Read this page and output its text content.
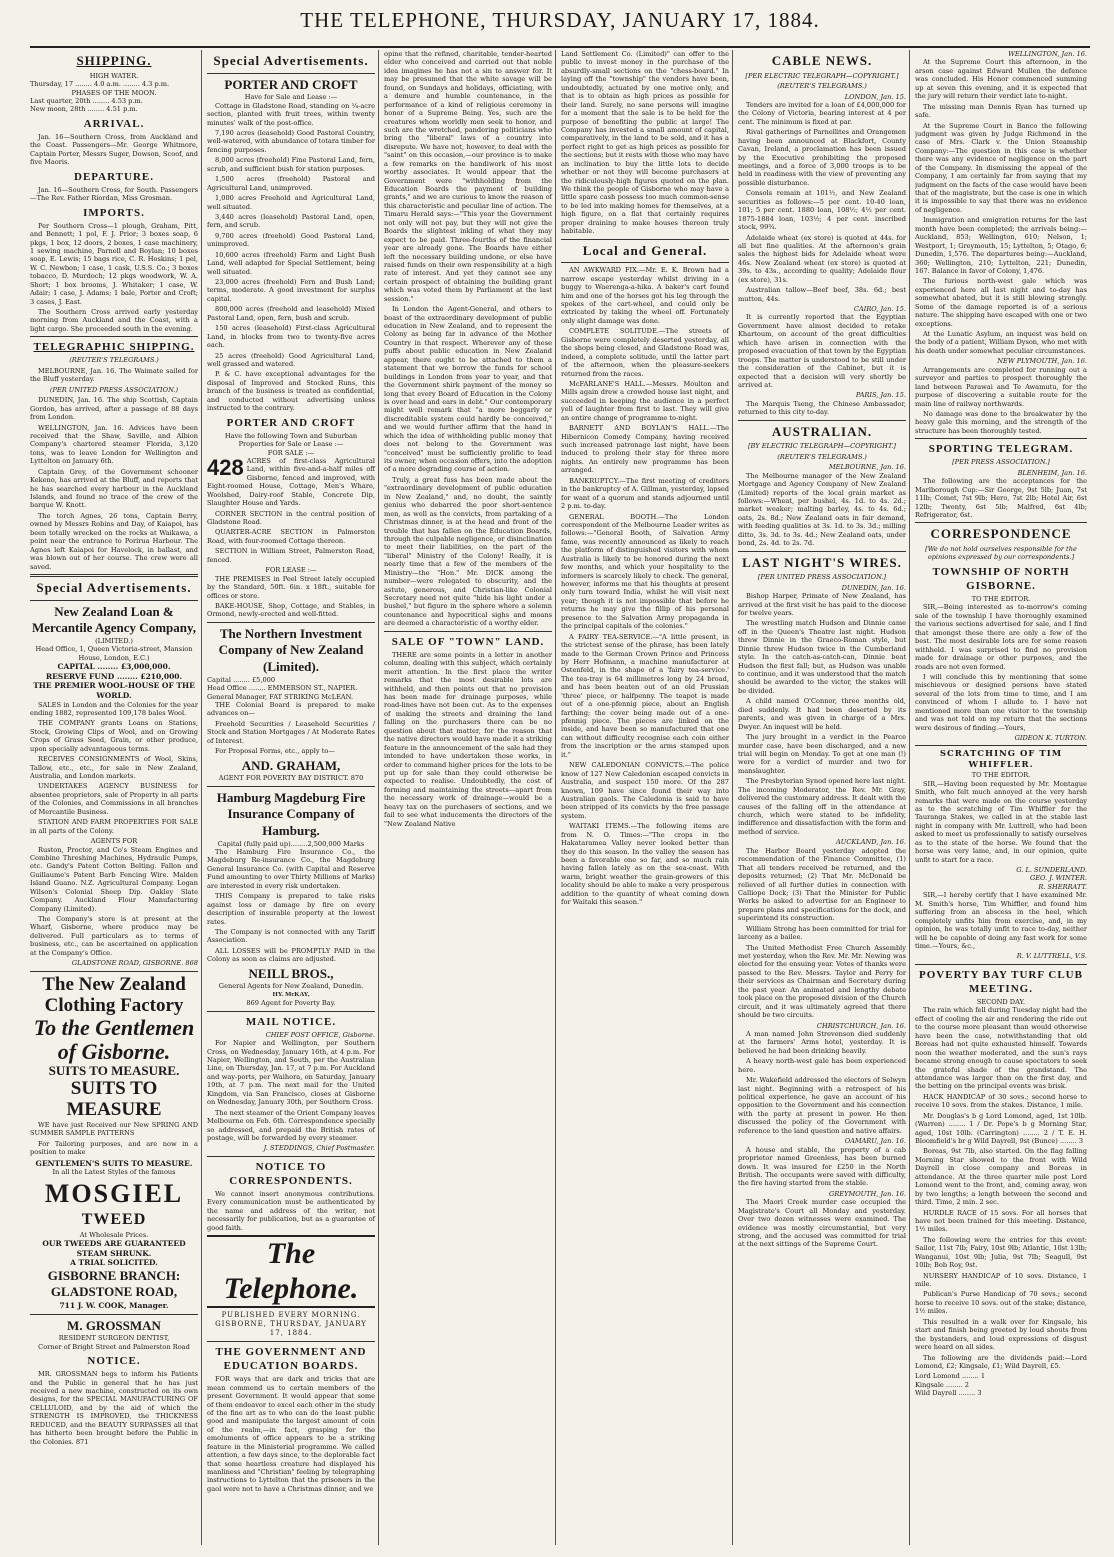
THE TELEPHONE, THURSDAY, JANUARY 17, 1884.
SHIPPING.
HIGH WATER.
Thursday, 17 ........ 4.0 a.m. ........ 4.3 p.m.
PHASES OF THE MOON.
Last quarter, 20th ........ 4.53 p.m.
New moon, 28th ........ 4.51 p.m.
ARRIVAL.

Jan. 16—Southern Cross, from Auckland and the Coast. Passengers—Mr. George Whitmore, Captain Porter, Messrs Suger, Dowson, Scoof, and five Maoris.

DEPARTURE.

Jan. 16—Southern Cross, for South. Passengers—The Rev. Father Riordan, Miss Grosman.

IMPORTS.

Per Southern Cross—1 plough, Graham, Pitt, and Bennett; 1 pol, F. J. Prior; 3 boxes soap, 6 pkgs, 1 box, 12 doors, 2 boxes, 1 case machinery, 1 sewing machine, Parnell and Boylan; 10 boxes soap, E. Lewis; 15 bags rice, C. R. Hoskins; 1 pel, W. C. Newbon; 1 case, 1 cask, U.S.S. Co.; 3 boxes tobacco, D. Murdoch; 12 pkgs woodwork, W. A. Short; 1 box brooms, J. Whitaker; 1 case, W. Adair; 1 case, J. Adams; 1 bale, Porter and Croft; 3 cases, J. East.

The Southern Cross arrived early yesterday morning from Auckland and the Coast, with a light cargo. She proceeded south in the evening.

TELEGRAPHIC SHIPPING.
(REUTER'S TELEGRAMS.)

MELBOURNE, Jan. 16. The Waimate sailed for the Bluff yesterday.

(PER UNITED PRESS ASSOCIATION.)

DUNEDIN, Jan. 16. The ship Scottish, Captain Gordon, has arrived, after a passage of 88 days from London.

WELLINGTON, Jan. 16. Advices have been received that the Shaw, Saville, and Albion Company's chartered steamer Florida, 3,120 tons, was to leave London for Wellington and Lyttelton on January 6th.

Captain Grey, of the Government schooner Kekeno, has arrived at the Bluff, and reports that he has searched every harbour in the Auckland Islands, and found no trace of the crew of the barque W. Knott.

The torch Agnes, 26 tons, Captain Berry, owned by Messrs Robins and Day, of Kaiapoi, has been totally wrecked on the rocks at Waikawa, a point near the entrance to Porirua Harbour. The Agnes left Kaiapoi for Havelock, in ballast, and was blown out of her course. The crew were all saved.

Special Advertisements.
New Zealand Loan & Mercantile Agency Company,
(LIMITED.)
Head Office, 1, Queen Victoria-street, Mansion House, London, E.C.)
CAPITAL ........ £3,000,000.
RESERVE FUND ........ £210,000.
THE PREMIER WOOL-HOUSE OF THE WORLD.

SALES in London and the Colonies for the year ending 1882, represented 109,178 bales Wool.

THE COMPANY grants Loans on Stations, Stock, Growing Clips of Wool, and on Growing Crops of Grass Seed, Grain, or other produce, upon specially advantageous terms.

RECEIVES CONSIGNMENTS of Wool, Skins, Tallow, etc., etc., for sale in New Zealand, Australia, and London markets.

UNDERTAKES AGENCY BUSINESS for absentee proprietors, sale of Property in all parts of the Colonies, and Commissions in all branches of Mercantile Business.

STATION AND FARM PROPERTIES FOR SALE in all parts of the Colony.

AGENTS FOR

Ruston, Proctor, and Co's Steam Engines and Combine Threshing Machines, Hydraulic Pumps, etc. Gandy's Patent Cotton Belting. Fallon and Guillaume's Patent Barb Fencing Wire. Malden Island Guano. N.Z. Agricultural Company. Logan Wilson's Colonial Sheep Dip. Oakley Slate Company. Auckland Flour Manufacturing Company (Limited).

The Company's store is at present at the Wharf, Gisborne, where produce may be delivered. Full particulars as to terms of business, etc., can be ascertained on application at the Company's Office.

GLADSTONE ROAD, GISBORNE. 868
The New Zealand
Clothing Factory
To the Gentlemen of Gisborne.
SUITS TO MEASURE.
SUITS TO MEASURE

WE have just Received our New SPRING AND SUMMER SAMPLE PATTERNS

For Tailoring purposes, and are now in a position to make

GENTLEMEN'S SUITS TO MEASURE.
In all the Latest Styles of the famous
MOSGIEL
TWEED
At Wholesale Prices.
OUR TWEEDS ARE GUARANTEED
STEAM SHRUNK.
A TRIAL SOLICITED.
GISBORNE BRANCH:
GLADSTONE ROAD,
711 J. W. COOK, Manager.
M. GROSSMAN
RESIDENT SURGEON DENTIST,
Corner of Bright Street and Palmerston Road
NOTICE.

MR. GROSSMAN begs to inform his Patients and the Public in general that he has just received a new machine, constructed on its own designs, for the SPECIAL MANUFACTURING OF CELLULOID, and by the aid of which the STRENGTH IS IMPROVED, the THICKNESS REDUCED, and the BEAUTY SURPASSES all that has hitherto been brought before the Public in the Colonies. 871

Special Advertisements.
PORTER AND CROFT
Have for Sale and Lease :—

Cottage in Gladstone Road, standing on ¼-acre section, planted with fruit trees, within twenty minutes' walk of the post-office.

7,190 acres (leasehold) Good Pastoral Country, well-watered, with abundance of totara timber for fencing purposes.

8,000 acres (freehold) Fine Pastoral Land, fern, scrub, and sufficient bush for station purposes.

1,500 acres (freehold) Pastoral and Agricultural Land, unimproved.

1,000 acres Freehold and Agricultural Land, well situated.

3,440 acres (leasehold) Pastoral Land, open, fern, and scrub.

9,700 acres (freehold) Good Pastoral Land, unimproved.

10,600 acres (freehold) Farm and Light Bush Land, well adapted for Special Settlement, being well situated.

23,000 acres (freehold) Fern and Bush Land; terms, moderate. A good investment for surplus capital.

800,000 acres (freehold and leasehold) Mixed Pastoral Land, open, fern, bush and scrub.

150 acres (leasehold) First-class Agricultural Land, in blocks from two to twenty-five acres each.

25 acres (freehold) Good Agricultural Land, well grassed and watered.

P. & C. have exceptional advantages for the disposal of Improved and Stocked Runs, this branch of the business is treated as confidential, and conducted without advertising unless instructed to the contrary.

PORTER AND CROFT
Have the following Town and Suburban Properties for Sale or Lease :—
FOR SALE :—

428 ACRES of first-class Agricultural Land, within five-and-a-half miles off Gisborne, fenced and improved, with Eight-roomed House, Cottage, Men's Whare, Woolshed, Dairy-roof Stable, Concrete Dip, Slaughter House and Yards.

CORNER SECTION in the central position of Gladstone Road.

QUARTER-ACRE SECTION in Palmerston Road, with four-roomed Cottage thereon.

SECTION in William Street, Palmerston Road, fenced.

FOR LEASE :—

THE PREMISES in Peel Street lately occupied by the Standard, 50ft. 6in. x 18ft., suitable for offices or store.

BAKE-HOUSE, Shop, Cottage, and Stables, in Ormond, newly-erected and well-fitted.

The Northern Investment Company of New Zealand (Limited).
Capital ........ £5,000
Head Office ........ EMMERSON ST., NAPIER.
General Manager, FAT STRIKING McLEAN.

THE Colonial Board is prepared to make advances on—

Freehold Securities / Leasehold Securities / Stock and Station Mortgages / At Moderate Rates of Interest.

For Proposal Forms, etc., apply to—

AND. GRAHAM,
AGENT FOR POVERTY BAY DISTRICT. 870
Hamburg Magdeburg Fire Insurance Company of Hamburg.
Capital (fully paid up)........2,500,000 Marks

The Hamburg Fire Insurance Co., the Magdeburg Re-insurance Co., the Magdeburg General Insurance Co. (with Capital and Reserve Fund amounting to over Thirty Millions of Marks) are interested in every risk undertaken.

THIS Company is prepared to take risks against loss or damage by fire on every description of insurable property at the lowest rates.

The Company is not connected with any Tariff Association.

ALL LOSSES will be PROMPTLY PAID in the Colony as soon as claims are adjusted.

NEILL BROS.,
General Agents for New Zealand, Dunedin.
HY. McKAY,
869 Agent for Poverty Bay.
MAIL NOTICE.
CHIEF POST OFFICE, Gisborne.

For Napier and Wellington, per Southern Cross, on Wednesday, January 16th, at 4 p.m. For Napier, Wellington, and South, per the Australian Line, on Thursday, Jan. 17, at 7 p.m. For Auckland and way-ports, per Waihora, on Saturday, January 19th, at 7 p.m. The next mail for the United Kingdom, via San Francisco, closes at Gisborne on Wednesday, January 30th, per Southern Cross.

The next steamer of the Orient Company leaves Melbourne on Feb. 6th. Correspondence specially so addressed, and prepaid the British rates of postage, will be forwarded by every steamer.

J. STEDDINGS, Chief Postmaster.
NOTICE TO CORRESPONDENTS.

We cannot insert anonymous contributions. Every communication must be authenticated by the name and address of the writer, not necessarily for publication, but as a guarantee of good faith.

The Telephone.
PUBLISHED EVERY MORNING.
GISBORNE, THURSDAY, JANUARY 17, 1884.
THE GOVERNMENT AND EDUCATION BOARDS.

FOR ways that are dark and tricks that are mean commend us to certain members of the present Government. It would appear that some of them endeavor to excel each other in the study of the fine art as to who can do the least public good and manipulate the largest amount of coin of the realm,—in fact, grasping for the emoluments of office appears to be a striking feature in the Ministerial programme. We called attention, a few days since, to the deplorable fact that some heartless creature had displayed his manliness and "Christian" feeling by telegraphing instructions to Lyttelton that the prisoners in the gaol were not to have a Christmas dinner, and we

opine that the refined, charitable, tender-hearted elder who conceived and carried out that noble idea imagines he has not a sin to answer for. It may be presumed that the white savage will be found, on Sundays and holidays, officiating, with a demure and humble countenance, in the performance of a kind of religious ceremony in honor of a Supreme Being. Yes, such are the creatures whom worldly men seek to honor, and such are the wretched, pandering politicians who bring the "liberal" laws of a country into disrepute. We have not, however, to deal with the "saint" on this occasion,—our province is to make a few remarks on the handiwork of his most worthy associates. It would appear that the Government were "withholding from the Education Boards the payment of building grants," and we are curious to know the reason of this characteristic and peculiar line of action. The Timaru Herald says:—"This year the Government not only will not pay, but they will not give the Boards the slightest inkling of what they may expect to be paid. Three-fourths of the financial year are already gone. The Boards have either left the necessary building undone, or else have raised funds on their own responsibility at a high rate of interest. And yet they cannot see any certain prospect of obtaining the building grant which was voted them by Parliament at the last session."

In London the Agent-General, and others to boast of the extraordinary development of public education in New Zealand, and to represent the Colony as being far in advance of the Mother Country in that respect. Wherever any of these puffs about public education in New Zealand appear, there ought to be attached to them a statement that we borrow the funds for school buildings in London from year to year, and that the Government shirk payment of the money so long that every Board of Education in the Colony is over head and ears in debt." Our contemporary might well remark that "a more beggarly or discreditable system could hardly be conceived," and we would further affirm that the hand in which the idea of withholding public money that does not belong to the Government was "conceived" must be sufficiently prolific to lead its owner, when occasion offers, into the adoption of a more degrading course of action.

Truly, a great fuss has been made about the "extraordinary development of public education in New Zealand," and, no doubt, the saintly genius who debarred the poor short-sentence men, as well as the convicts, from partaking of a Christmas dinner, is at the head and front of the trouble that has fallen on the Education Boards, through the culpable negligence, or disinclination to meet their liabilities, on the part of the "liberal" Ministry of the Colony! Really, it is nearly time that a few of the members of the Ministry—the "Hon." Mr. DICK among the number—were relegated to obscurity, and the astute, generous, and Christian-like Colonial Secretary need not quite "hide his light under a bushel," but figure in the sphere where a solemn countenance and hypocritical sighs and moans are deemed a characteristic of a worthy elder.

SALE OF "TOWN" LAND.

THERE are some points in a letter in another column, dealing with this subject, which certainly merit attention. In the first place the writer remarks that the most desirable lots are withheld, and then points out that no provision has been made for drainage purposes, while road-lines have not been cut. As to the expenses of making the streets and draining the land falling on the purchasers there can be no question about that matter, for the reason that the native directors would have made it a striking feature in the announcement of the sale had they intended to have undertaken those works, in order to command higher prices for the lots to be put up for sale than they could otherwise be expected to realise. Undoubtedly, the cost of forming and maintaining the streets—apart from the necessary work of drainage—would be a heavy tax on the purchasers of sections, and we fail to see what inducements the directors of the "New Zealand Native

Land Settlement Co. (Limited)" can offer to the public to invest money in the purchase of the absurdly-small sections on the "chess-board." In laying off the "township" the vendors have been, undoubtedly, actuated by one motive only, and that is to obtain as high prices as possible for their land. Surely, no sane persons will imagine for a moment that the sale is to be held for the purpose of benefiting the public at large! The Company has invested a small amount of capital, comparatively, in the land to be sold, and it has a perfect right to get as high prices as possible for the sections; but it rests with those who may have an inclination to buy the little lots to decide whether or not they will become purchasers at the ridiculously-high figures quoted on the plan. We think the people of Gisborne who may have a little spare cash possess too much common-sense to be led into making homes for themselves, at a high figure, on a flat that certainly requires proper draining to make houses thereon truly habitable.

Local and General.

AN AWKWARD FIX.—Mr. E. K. Brown had a narrow escape yesterday whilst driving in a buggy to Waerenga-a-hika. A baker's cart found him and one of the horses got his leg through the spokes of the cart-wheel, and could only be extricated by taking the wheel off. Fortunately only slight damage was done.

COMPLETE SOLITUDE.—The streets of Gisborne were completely deserted yesterday, all the shops being closed, and Gladstone Road was, indeed, a complete solitude, until the latter part of the afternoon, when the pleasure-seekers returned from the races.

McFARLANE'S HALL.—Messrs. Moulton and Mills again drew a crowded house last night, and succeeded in keeping the audience in a perfect yell of laughter from first to last. They will give an entire change of programme to-night.

BARNETT AND BOYLAN'S HALL.—The Hibernicon Comedy Company, having received such increased patronage last night, have been induced to prolong their stay for three more nights. An entirely new programme has been arranged.

BANKRUPTCY.—The first meeting of creditors in the bankruptcy of A. Gillman, yesterday, lapsed for want of a quorum and stands adjourned until 2 p.m. to-day.

GENERAL BOOTH.—The London correspondent of the Melbourne Leader writes as follows:—"General Booth, of Salvation Army fame, was recently announced as likely to reach the platform of distinguished visitors with whom Australia is likely to be honored during the next few months, and which your hospitality to the informers is scarcely likely to check. The general, however, informs me that his thoughts at present only turn toward India, whilst he will visit next year; though it is not impossible that before he returns he may give the fillip of his personal presence to the Salvation Army propaganda in the principal capitals of the colonies."

A FAIRY TEA-SERVICE.—"A little present, in the strictest sense of the phrase, has been lately made to the German Crown Prince and Princess by Herr Hofmann, a machine manufacturer at Ostenfeld, in the shape of a 'fairy tea-service.' The tea-tray is 64 millimetres long by 24 broad, and has been beaten out of an old Prussian 'three' piece, or halfpenny. The teapot is made out of a one-pfennig piece, about an English farthing; the cover being made out of a one-pfennig piece. The pieces are linked on the inside, and have been so manufactured that one can without difficulty recognise each coin either from the inscription or the arms stamped upon it."

NEW CALEDONIAN CONVICTS.—The police know of 127 New Caledonian escaped convicts in Australia, and suspect 150 more. Of the 287 known, 109 have since found their way into Australian gaols. The Caledonia is said to have been stripped of its convicts by the free passage system.

WAITAKI ITEMS.—The following items are from N. O. Times:—"The crops in the Hakataramea Valley never looked better than they do this season. In the valley the season has been a favorable one so far, and so much rain having fallen lately as on the sea-coast. With warm, bright weather the grain-growers of this locality should be able to make a very prosperous addition to the quantity of wheat coming down for Waitaki this season."

CABLE NEWS.
[PER ELECTRIC TELEGRAPH—COPYRIGHT.]
(REUTER'S TELEGRAMS.)
LONDON, Jan. 15.

Tenders are invited for a loan of £4,000,000 for the Colony of Victoria, bearing interest at 4 per cent. The minimum is fixed at par.

Rival gatherings of Parnellites and Orangemen having been announced at Blackfort, County Cavan, Ireland, a proclamation has been issued by the Executive prohibiting the proposed meetings, and a force of 3,000 troops is to be held in readiness with the view of preventing any possible disturbance.

Consols remain at 101½, and New Zealand securities as follows:—5 per cent. 10-40 loan, 101; 5 per cent. 1880 loan, 108½; 4½ per cent. 1875-1884 loan, 103½; 4 per cent. inscribed stock, 99¾.

Adelaide wheat (ex store) is quoted at 44s. for all but fine qualities. At the afternoon's grain sales the highest bids for Adelaide wheat were 46s. New Zealand wheat (ex store) is quoted at 39s. to 43s., according to quality; Adelaide flour (ex store), 31s.

Australian tallow—Beef beef, 38s. 6d.; best mutton, 44s.

CAIRO, Jan. 15.

It is currently reported that the Egyptian Government have almost decided to retake Khartoum, on account of the great difficulties which have arisen in connection with the proposed evacuation of that town by the Egyptian troops. The matter is understood to be still under the consideration of the Cabinet, but it is expected that a decision will very shortly be arrived at.

PARIS, Jan. 15.

The Marquis Tseng, the Chinese Ambassador, returned to this city to-day.

AUSTRALIAN.
[BY ELECTRIC TELEGRAPH—COPYRIGHT.]
(REUTER'S TELEGRAMS.)
MELBOURNE, Jan. 16.

The Melbourne manager of the New Zealand Mortgage and Agency Company of New Zealand (Limited) reports of the local grain market as follows:—Wheat, per bushel, 4s. 1d. to 4s. 2d.; market weaker; malting barley, 4s. to 4s. 6d.; oats, 2s. 8d.; New Zealand oats in fair demand, with feeding qualities at 3s. 1d. to 3s. 3d.; milling ditto, 3s. 3d. to 3s. 4d.; New Zealand oats, under bond, 2s. 4d. to 2s. 7d.

LAST NIGHT'S WIRES.
[PER UNITED PRESS ASSOCIATION.]
DUNEDIN, Jan. 16.

Bishop Harper, Primate of New Zealand, has arrived at the first visit he has paid to the diocese for twelve years.

The wrestling match Hudson and Dinnie came off in the Queen's Theatre last night. Hudson threw Dinnie in the Graeco-Roman style, but Dinnie threw Hudson twice in the Cumberland style. In the catch-as-catch-can, Dinnie beat Hudson the first fall; but, as Hudson was unable to continue, and it was understood that the match should be awarded to the victor, the stakes will be divided.

A child named O'Connor, three months old, died suddenly. It had been deserted by its parents, and was given in charge of a Mrs. Dwyer. An inquest will be held.

The jury brought in a verdict in the Pearce murder case, have been discharged, and a new trial will begin on Monday. To get at one man (!) were for a verdict of murder and two for manslaughter.

The Presbyterian Synod opened here last night. The incoming Moderator, the Rev. Mr. Gray, delivered the customary address. It dealt with the causes of the falling off in the attendance at church, which were stated to be infidelity, indifference and dissatisfaction with the form and method of service.

AUCKLAND, Jan. 16.

The Harbor Board yesterday adopted the recommendation of the Finance Committee, (1) That all tenders received be returned, and the deposits returned; (2) That Mr. McDonald be relieved of all further duties in connection with Calliope Dock; (3) That the Minister for Public Works be asked to advertise for an Engineer to prepare plans and specifications for the dock, and superintend its construction.

William Strong has been committed for trial for larceny as a bailee.

The United Methodist Free Church Assembly met yesterday, when the Rev. Mr. Mr. Newing was elected for the ensuing year. Votes of thanks were passed to the Rev. Messrs. Taylor and Perry for their services as Chairman and Secretary during the past year. An animated and lengthy debate took place on the proposed division of the Church circuit, and it was ultimately agreed that there should be two circuits.

CHRISTCHURCH, Jan. 16.

A man named John Strevenson died suddenly at the farmers' Arms hotel, yesterday. It is believed he had been drinking heavily.

A heavy north-west gale has been experienced here.

Mr. Wakefield addressed the electors of Selwyn last night. Beginning with a retrospect of his political experience, he gave an account of his opposition to the Government and his connection with the party at present in power. He then discussed the policy of the Government with reference to the land question and native affairs.

OAMARU, Jan. 16.

A house and stable, the property of a cab proprietor named Greenless, has been burned down. It was insured for £250 in the North British. The occupants were saved with difficulty, the fire having started from the stable.

GREYMOUTH, Jan. 16.

The Maori Creek murder case occupied the Magistrate's Court all Monday and yesterday. Over two dozen witnesses were examined. The evidence was mostly circumstantial, but very strong, and the accused was committed for trial at the next sittings of the Supreme Court.

WELLINGTON, Jan. 16.

At the Supreme Court this afternoon, in the arson case against Edward Mullen the defence was concluded. His Honor commenced summing up at seven this evening, and it is expected that the jury will return their verdict late to-night.

The missing man Dennis Ryan has turned up safe.

At the Supreme Court in Banco the following judgment was given by Judge Richmond in the case of Mrs. Clark v. the Union Steamship Company:—The question in this case is whether there was any evidence of negligence on the part of the Company. In dismissing the appeal of the Company, I am certainly far from saying that my judgment on the facts of the case would have been that of the magistrate, but the case is one in which it is impossible to say that there was no evidence of negligence.

Immigration and emigration returns for the last month have been completed; the arrivals being:—Auckland, 853; Wellington, 610; Nelson, 1; Westport, 1; Greymouth, 15; Lyttelton, 5; Otago, 6; Dunedin, 1,576. The departures being:—Auckland, 360; Wellington, 210; Lyttelton, 221; Dunedin, 167. Balance in favor of Colony, 1,476.

The furious north-west gale which was experienced here all last night and to-day has somewhat abated, but it is still blowing strongly. Some of the damage reported is of a serious nature. The shipping have escaped with one or two exceptions.

At the Lunatic Asylum, an inquest was held on the body of a patient, William Dyson, who met with his death under somewhat peculiar circumstances.

NEW PLYMOUTH, Jan. 16.

Arrangements are completed for running out a surveyor and parties to prospect thoroughly the land between Parawai and Te Awamutu, for the purpose of discovering a suitable route for the main line of railway northwards.

No damage was done to the breakwater by the heavy gale this morning, and the strength of the structure has been thoroughly tested.

SPORTING TELEGRAM.
[PER PRESS ASSOCIATION.]
BLENHEIM, Jan. 16.

The following are the acceptances for the Marlborough Cup:—Sir George, 9st 5lb; Juan, 7st 11lb; Comet, 7st 9lb; Hero, 7st 2lb; Hotel Air, 6st 12lb; Twenty, 6st 5lb; Malfred, 6st 4lb; Refrigerator, 6st.

CORRESPONDENCE
[We do not hold ourselves responsible for the opinions expressed by our correspondents.]
TOWNSHIP OF NORTH GISBORNE.
TO THE EDITOR.

SIR,—Being interested as to-morrow's coming sale of the township I have thoroughly examined the various sections advertised for sale, and I find that amongst these there are only a few of the best. The most desirable lots are for some reason withheld. I was surprised to find no provision made for drainage or other purposes, and the roads are not even formed.

I will conclude this by mentioning that some mischievous or designed persons have stated several of the lots from time to time, and I am convinced of whom I allude to. I have not mentioned more than one visitor to the township and was not told on my return that the sections were desirous of finding.—Yours,

GIDEON K. TURTON.
SCRATCHING OF TIM WHIFFLER.
TO THE EDITOR.

SIR,—Having been requested by Mr. Montague Smith, who felt much annoyed at the very harsh remarks that were made on the course yesterday as to the scratching of Tim Whiffler for the Tauranga Stakes, we called in at the stable last night in company with Mr. Luttrell, who had been asked to meet us professionally to satisfy ourselves as to the state of the horse. We found that the horse was very lame, and, in our opinion, quite unfit to start for a race.

G. L. SUNDERLAND.
GEO. J. WINTER.
R. SHERRATT.

SIR,—I hereby certify that I have examined Mr. M. Smith's horse, Tim Whiffler, and found him suffering from an abscess in the heel, which completely unfits him from exercise, and, in my opinion, he was totally unfit to race to-day, neither will he be capable of doing any fast work for some time.—Yours, &c.,

R. V. LUTTRELL, V.S.
POVERTY BAY TURF CLUB MEETING.
SECOND DAY.

The rain which fell during Tuesday night had the effect of cooling the air and rendering the ride out to the course more pleasant than would otherwise have been the case, notwithstanding that old Boreas had not quite exhausted himself. Towards noon the weather moderated, and the sun's rays became strong enough to cause spectators to seek the grateful shade of the grandstand. The attendance was larger than on the first day, and the betting on the principal events was brisk.

HACK HANDICAP of 30 sovs.; second horse to receive 10 sovs. from the stakes. Distance, 1 mile.

Mr. Douglas's b g Lord Lomond, aged, 1st 10lb. (Warren) ........ 1 / Dr. Pope's b g Morning Star, aged, 10st 10lb. (Carrington) ........ 2 / T. E. H. Bloomfield's br g Wild Dayrell, 9st (Bunce) ........ 3

Boreas, 9st 7lb, also started. On the flag falling Morning Star showed to the front with Wild Dayrell in close company and Boreas in attendance. At the three quarter mile post Lord Lomond went to the front, and, coming away, won by two lengths; a length between the second and third. Time, 2 min. 2 sec.

HURDLE RACE of 15 sovs. For all horses that have not been trained for this meeting. Distance, 1½ miles.

The following were the entries for this event: Sailor, 11st 7lb; Fairy, 10st 9lb; Atlantic, 10st 13lb; Wanganui, 10st 9lb; Julia, 9st 7lb; Seagull, 9st 10lb; Bob Roy, 9st.

NURSERY HANDICAP of 10 sovs. Distance, 1 mile.

Publican's Purse Handicap of 70 sovs.; second horse to receive 10 sovs. out of the stake; distance, 1½ miles.

This resulted in a walk over for Kingsale, his start and finish being greeted by loud shouts from the bystanders, and loud expressions of disgust were heard on all sides.

The following are the dividends paid:—Lord Lomond, £2; Kingsale, £1; Wild Dayrell, £5.

Lord Lomond ........ 1
Kingsale ........ 2
Wild Dayrell ........ 3
